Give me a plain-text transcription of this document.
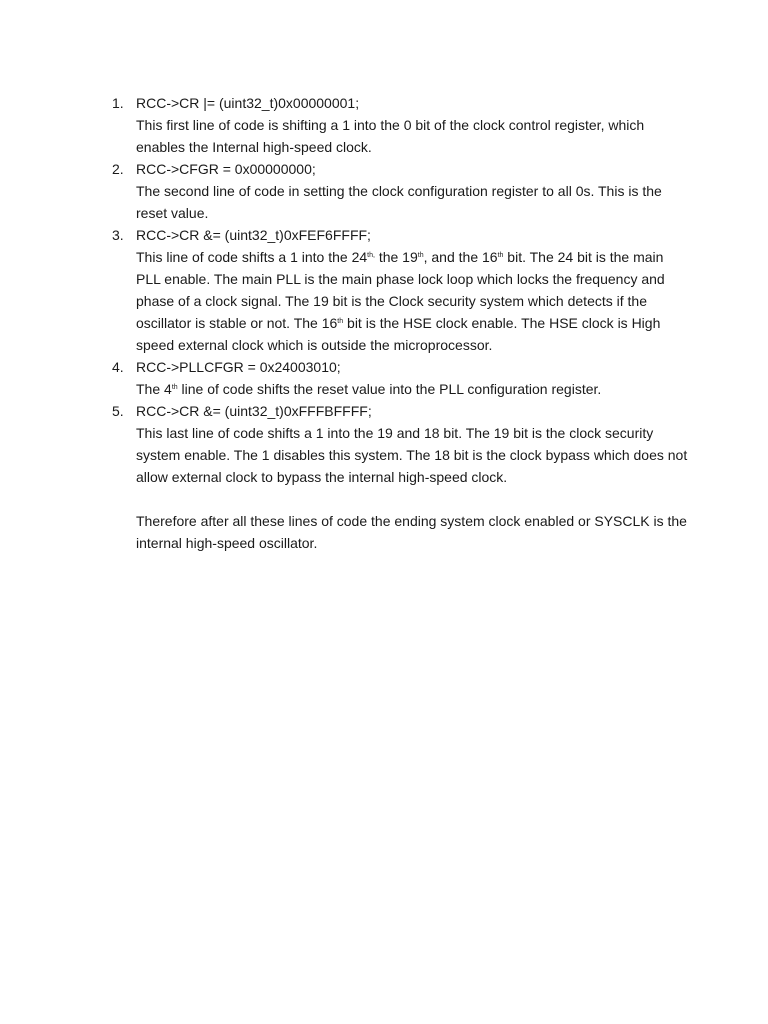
1. RCC->CR |= (uint32_t)0x00000001;
This first line of code is shifting a 1 into the 0 bit of the clock control register, which enables the Internal high-speed clock.
2. RCC->CFGR = 0x00000000;
The second line of code in setting the clock configuration register to all 0s. This is the reset value.
3. RCC->CR &= (uint32_t)0xFEF6FFFF;
This line of code shifts a 1 into the $24^{th,}$ the 19th, and the 16th bit. The 24 bit is the main PLL enable. The main PLL is the main phase lock loop which locks the frequency and phase of a clock signal. The 19 bit is the Clock security system which detects if the oscillator is stable or not. The 16th bit is the HSE clock enable. The HSE clock is High speed external clock which is outside the microprocessor.
4. RCC->PLLCFGR = 0x24003010;
The 4th line of code shifts the reset value into the PLL configuration register.
5. RCC->CR &= (uint32_t)0xFFFBFFFF;
This last line of code shifts a 1 into the 19 and 18 bit. The 19 bit is the clock security system enable. The 1 disables this system. The 18 bit is the clock bypass which does not allow external clock to bypass the internal high-speed clock.

Therefore after all these lines of code the ending system clock enabled or SYSCLK is the internal high-speed oscillator.
